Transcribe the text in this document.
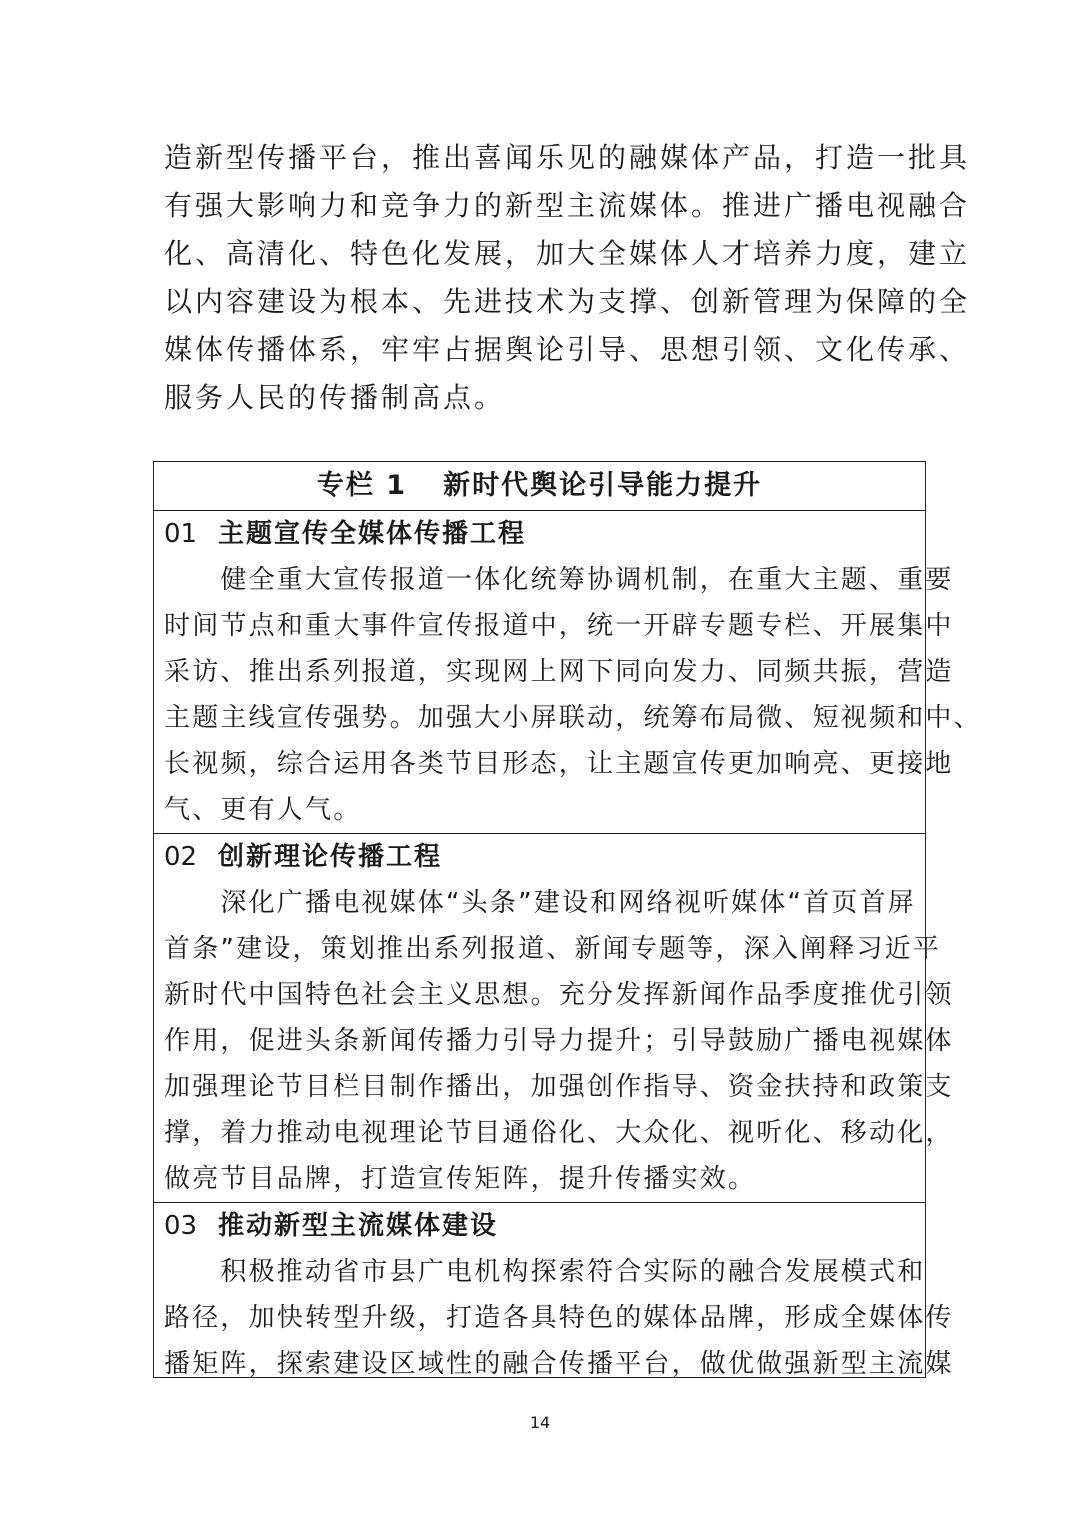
造新型传播平台，推出喜闻乐见的融媒体产品，打造一批具
有强大影响力和竞争力的新型主流媒体。推进广播电视融合
化、高清化、特色化发展，加大全媒体人才培养力度，建立
以内容建设为根本、先进技术为支撑、创新管理为保障的全
媒体传播体系，牢牢占据舆论引导、思想引领、文化传承、
服务人民的传播制高点。
专栏 1 新时代舆论引导能力提升
01 主题宣传全媒体传播工程
　　健全重大宣传报道一体化统筹协调机制，在重大主题、重要
时间节点和重大事件宣传报道中，统一开辟专题专栏、开展集中
采访、推出系列报道，实现网上网下同向发力、同频共振，营造
主题主线宣传强势。加强大小屏联动，统筹布局微、短视频和中、
长视频，综合运用各类节目形态，让主题宣传更加响亮、更接地
气、更有人气。
02 创新理论传播工程
　　深化广播电视媒体“头条”建设和网络视听媒体“首页首屏
首条”建设，策划推出系列报道、新闻专题等，深入阐释习近平
新时代中国特色社会主义思想。充分发挥新闻作品季度推优引领
作用，促进头条新闻传播力引导力提升；引导鼓励广播电视媒体
加强理论节目栏目制作播出，加强创作指导、资金扶持和政策支
撑，着力推动电视理论节目通俗化、大众化、视听化、移动化，
做亮节目品牌，打造宣传矩阵，提升传播实效。
03 推动新型主流媒体建设
　　积极推动省市县广电机构探索符合实际的融合发展模式和
路径，加快转型升级，打造各具特色的媒体品牌，形成全媒体传
播矩阵，探索建设区域性的融合传播平台，做优做强新型主流媒
14
